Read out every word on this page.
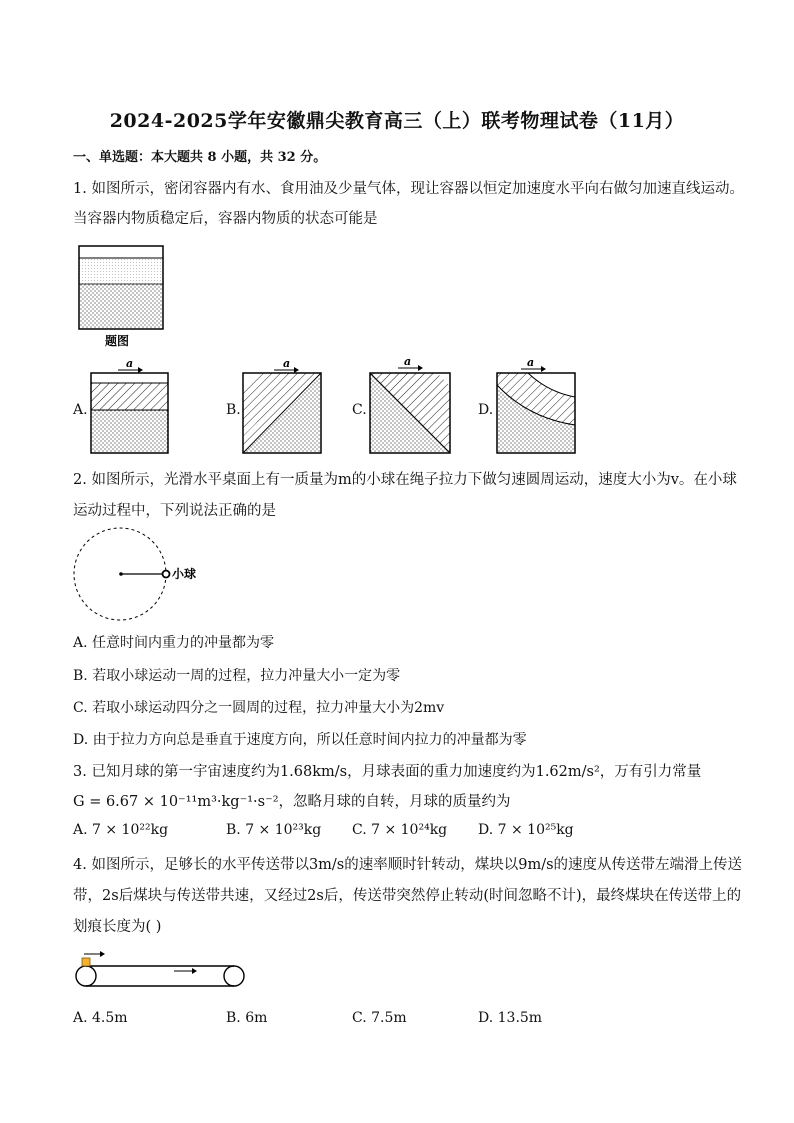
2024-2025学年安徽鼎尖教育高三（上）联考物理试卷（11月）
一、单选题：本大题共 8 小题，共 32 分。
1. 如图所示，密闭容器内有水、食用油及少量气体，现让容器以恒定加速度水平向右做匀加速直线运动。
当容器内物质稳定后，容器内物质的状态可能是
题图
a	a	a	a
A.	B.	C.	D.
2. 如图所示，光滑水平桌面上有一质量为m的小球在绳子拉力下做匀速圆周运动，速度大小为v。在小球
运动过程中，下列说法正确的是
小球
A. 任意时间内重力的冲量都为零
B. 若取小球运动一周的过程，拉力冲量大小一定为零
C. 若取小球运动四分之一圆周的过程，拉力冲量大小为2mv
D. 由于拉力方向总是垂直于速度方向，所以任意时间内拉力的冲量都为零
3. 已知月球的第一宇宙速度约为1.68km/s，月球表面的重力加速度约为1.62m/s²，万有引力常量
G = 6.67 × 10⁻¹¹m³·kg⁻¹·s⁻²，忽略月球的自转，月球的质量约为
A. 7 × 10²²kg	B. 7 × 10²³kg C. 7 × 10²⁴kg D. 7 × 10²⁵kg
4. 如图所示，足够长的水平传送带以3m/s的速率顺时针转动，煤块以9m/s的速度从传送带左端滑上传送
带，2s后煤块与传送带共速，又经过2s后，传送带突然停止转动(时间忽略不计)，最终煤块在传送带上的
划痕长度为( )
A. 4.5m	B. 6m	C. 7.5m	D. 13.5m
